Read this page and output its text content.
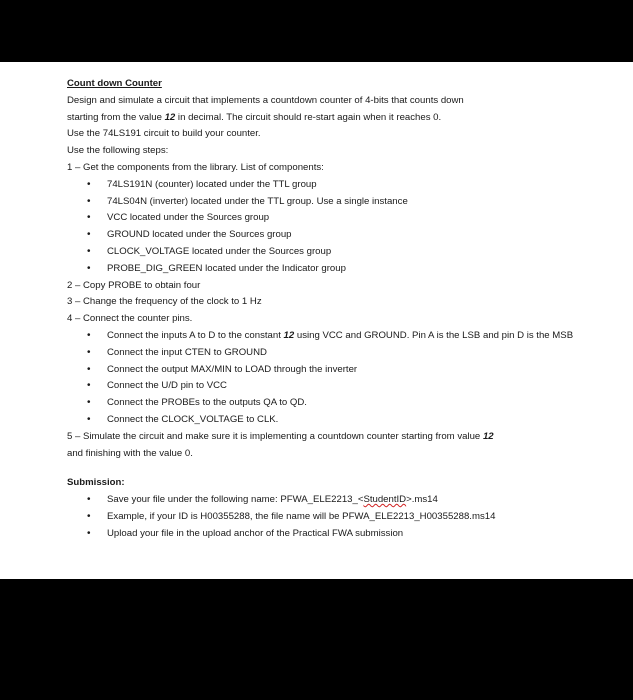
Count down Counter
Design and simulate a circuit that implements a countdown counter of 4-bits that counts down
starting from the value 12 in decimal. The circuit should re-start again when it reaches 0.
Use the 74LS191 circuit to build your counter.
Use the following steps:
1 – Get the components from the library. List of components:
• 74LS191N (counter) located under the TTL group
• 74LS04N (inverter) located under the TTL group. Use a single instance
• VCC located under the Sources group
• GROUND located under the Sources group
• CLOCK_VOLTAGE located under the Sources group
• PROBE_DIG_GREEN located under the Indicator group
2 – Copy PROBE to obtain four
3 – Change the frequency of the clock to 1 Hz
4 – Connect the counter pins.
• Connect the inputs A to D to the constant 12 using VCC and GROUND. Pin A is the LSB and pin D is the MSB
• Connect the input CTEN to GROUND
• Connect the output MAX/MIN to LOAD through the inverter
• Connect the U/D pin to VCC
• Connect the PROBEs to the outputs QA to QD.
• Connect the CLOCK_VOLTAGE to CLK.
5 – Simulate the circuit and make sure it is implementing a countdown counter starting from value 12
and finishing with the value 0.
Submission:
• Save your file under the following name: PFWA_ELE2213_<StudentID>.ms14
• Example, if your ID is H00355288, the file name will be PFWA_ELE2213_H00355288.ms14
• Upload your file in the upload anchor of the Practical FWA submission
